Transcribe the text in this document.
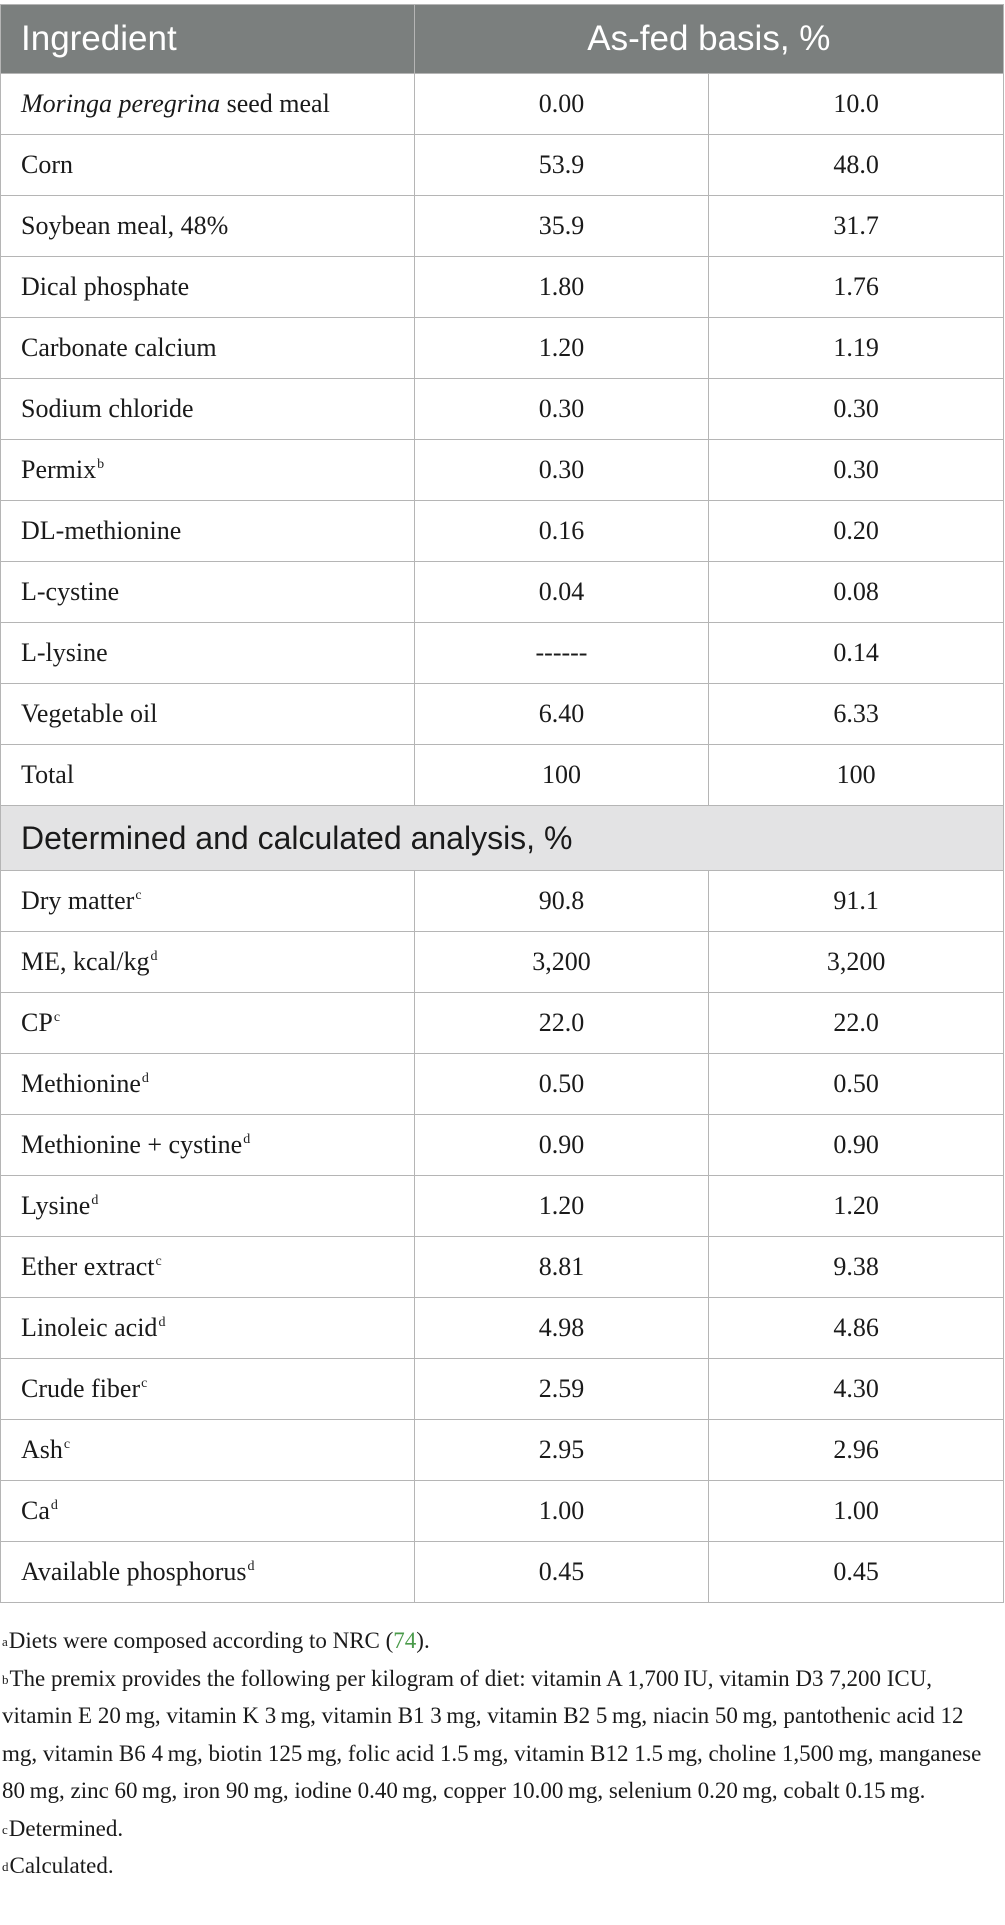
Ingredient	As-fed basis, %	
Moringa peregrina seed meal	0.00	10.0
Corn	53.9	48.0
Soybean meal, 48%	35.9	31.7
Dical phosphate	1.80	1.76
Carbonate calcium	1.20	1.19
Sodium chloride	0.30	0.30
Permix$^b$	0.30	0.30
DL-methionine	0.16	0.20
L-cystine	0.04	0.08
L-lysine	------	0.14
Vegetable oil	6.40	6.33
Total	100	100
Determined and calculated analysis, %		
Dry matter$^c$	90.8	91.1
ME, kcal/$kg^d$	3,200	3,200
$CP^c$	22.0	22.0
Methionine$^d$	0.50	0.50
Methionine + cystine$^d$	0.90	0.90
Lysine$^d$	1.20	1.20
Ether extract$^c$	8.81	9.38
Linoleic acid$^d$	4.98	4.86
Crude fiber$^c$	2.59	4.30
Ash$^c$	2.95	2.96
Ca$^d$	1.00	1.00
Available phosphorus$^d$	0.45	0.45

$^a$Diets were composed according to NRC (74).

$^b$The premix provides the following per kilogram of diet: vitamin A 1,700 IU, vitamin D3 7,200 ICU, vitamin E 20 mg, vitamin K 3 mg, vitamin B1 3 mg, vitamin B2 5 mg, niacin 50 mg, pantothenic acid 12 mg, vitamin B6 4 mg, biotin 125 mg, folic acid 1.5 mg, vitamin B12 1.5 mg, choline 1,500 mg, manganese 80 mg, zinc 60 mg, iron 90 mg, iodine 0.40 mg, copper 10.00 mg, selenium 0.20 mg, cobalt 0.15 mg.

$^c$Determined.

$^d$Calculated.
